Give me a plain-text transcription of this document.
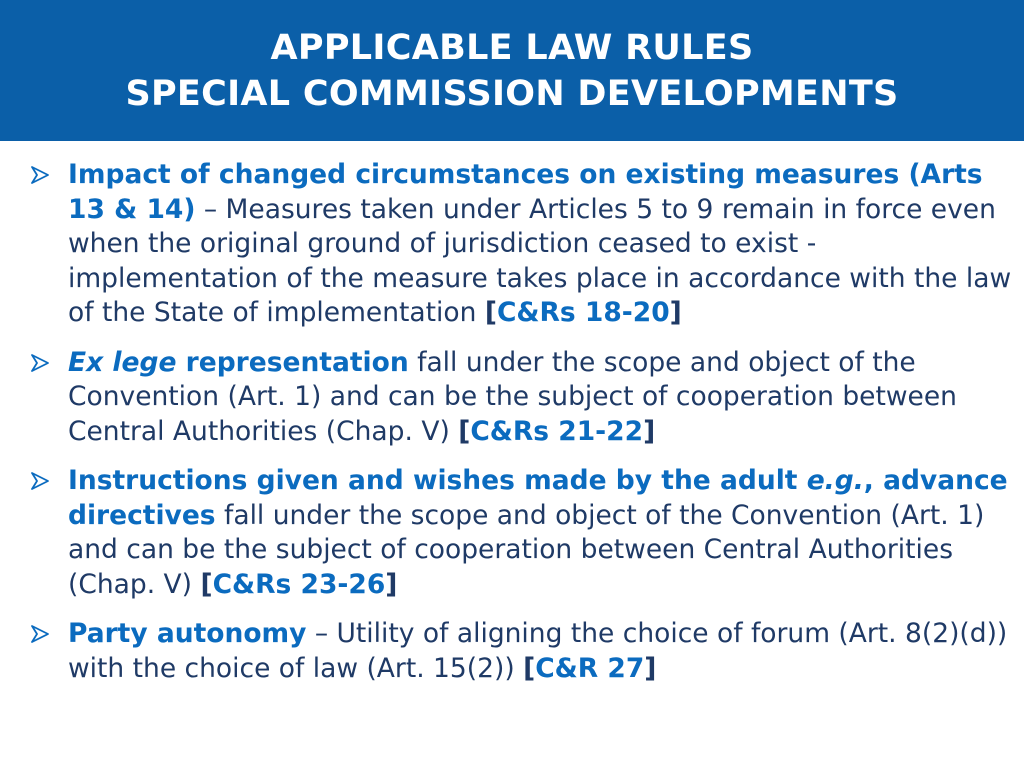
APPLICABLE LAW RULES
SPECIAL COMMISSION DEVELOPMENTS
Impact of changed circumstances on existing measures (Arts 13 & 14) – Measures taken under Articles 5 to 9 remain in force even when the original ground of jurisdiction ceased to exist - implementation of the measure takes place in accordance with the law of the State of implementation [C&Rs 18-20]
Ex lege representation fall under the scope and object of the Convention (Art. 1) and can be the subject of cooperation between Central Authorities (Chap. V) [C&Rs 21-22]
Instructions given and wishes made by the adult e.g., advance directives fall under the scope and object of the Convention (Art. 1) and can be the subject of cooperation between Central Authorities (Chap. V) [C&Rs 23-26]
Party autonomy – Utility of aligning the choice of forum (Art. 8(2)(d)) with the choice of law (Art. 15(2)) [C&R 27]
